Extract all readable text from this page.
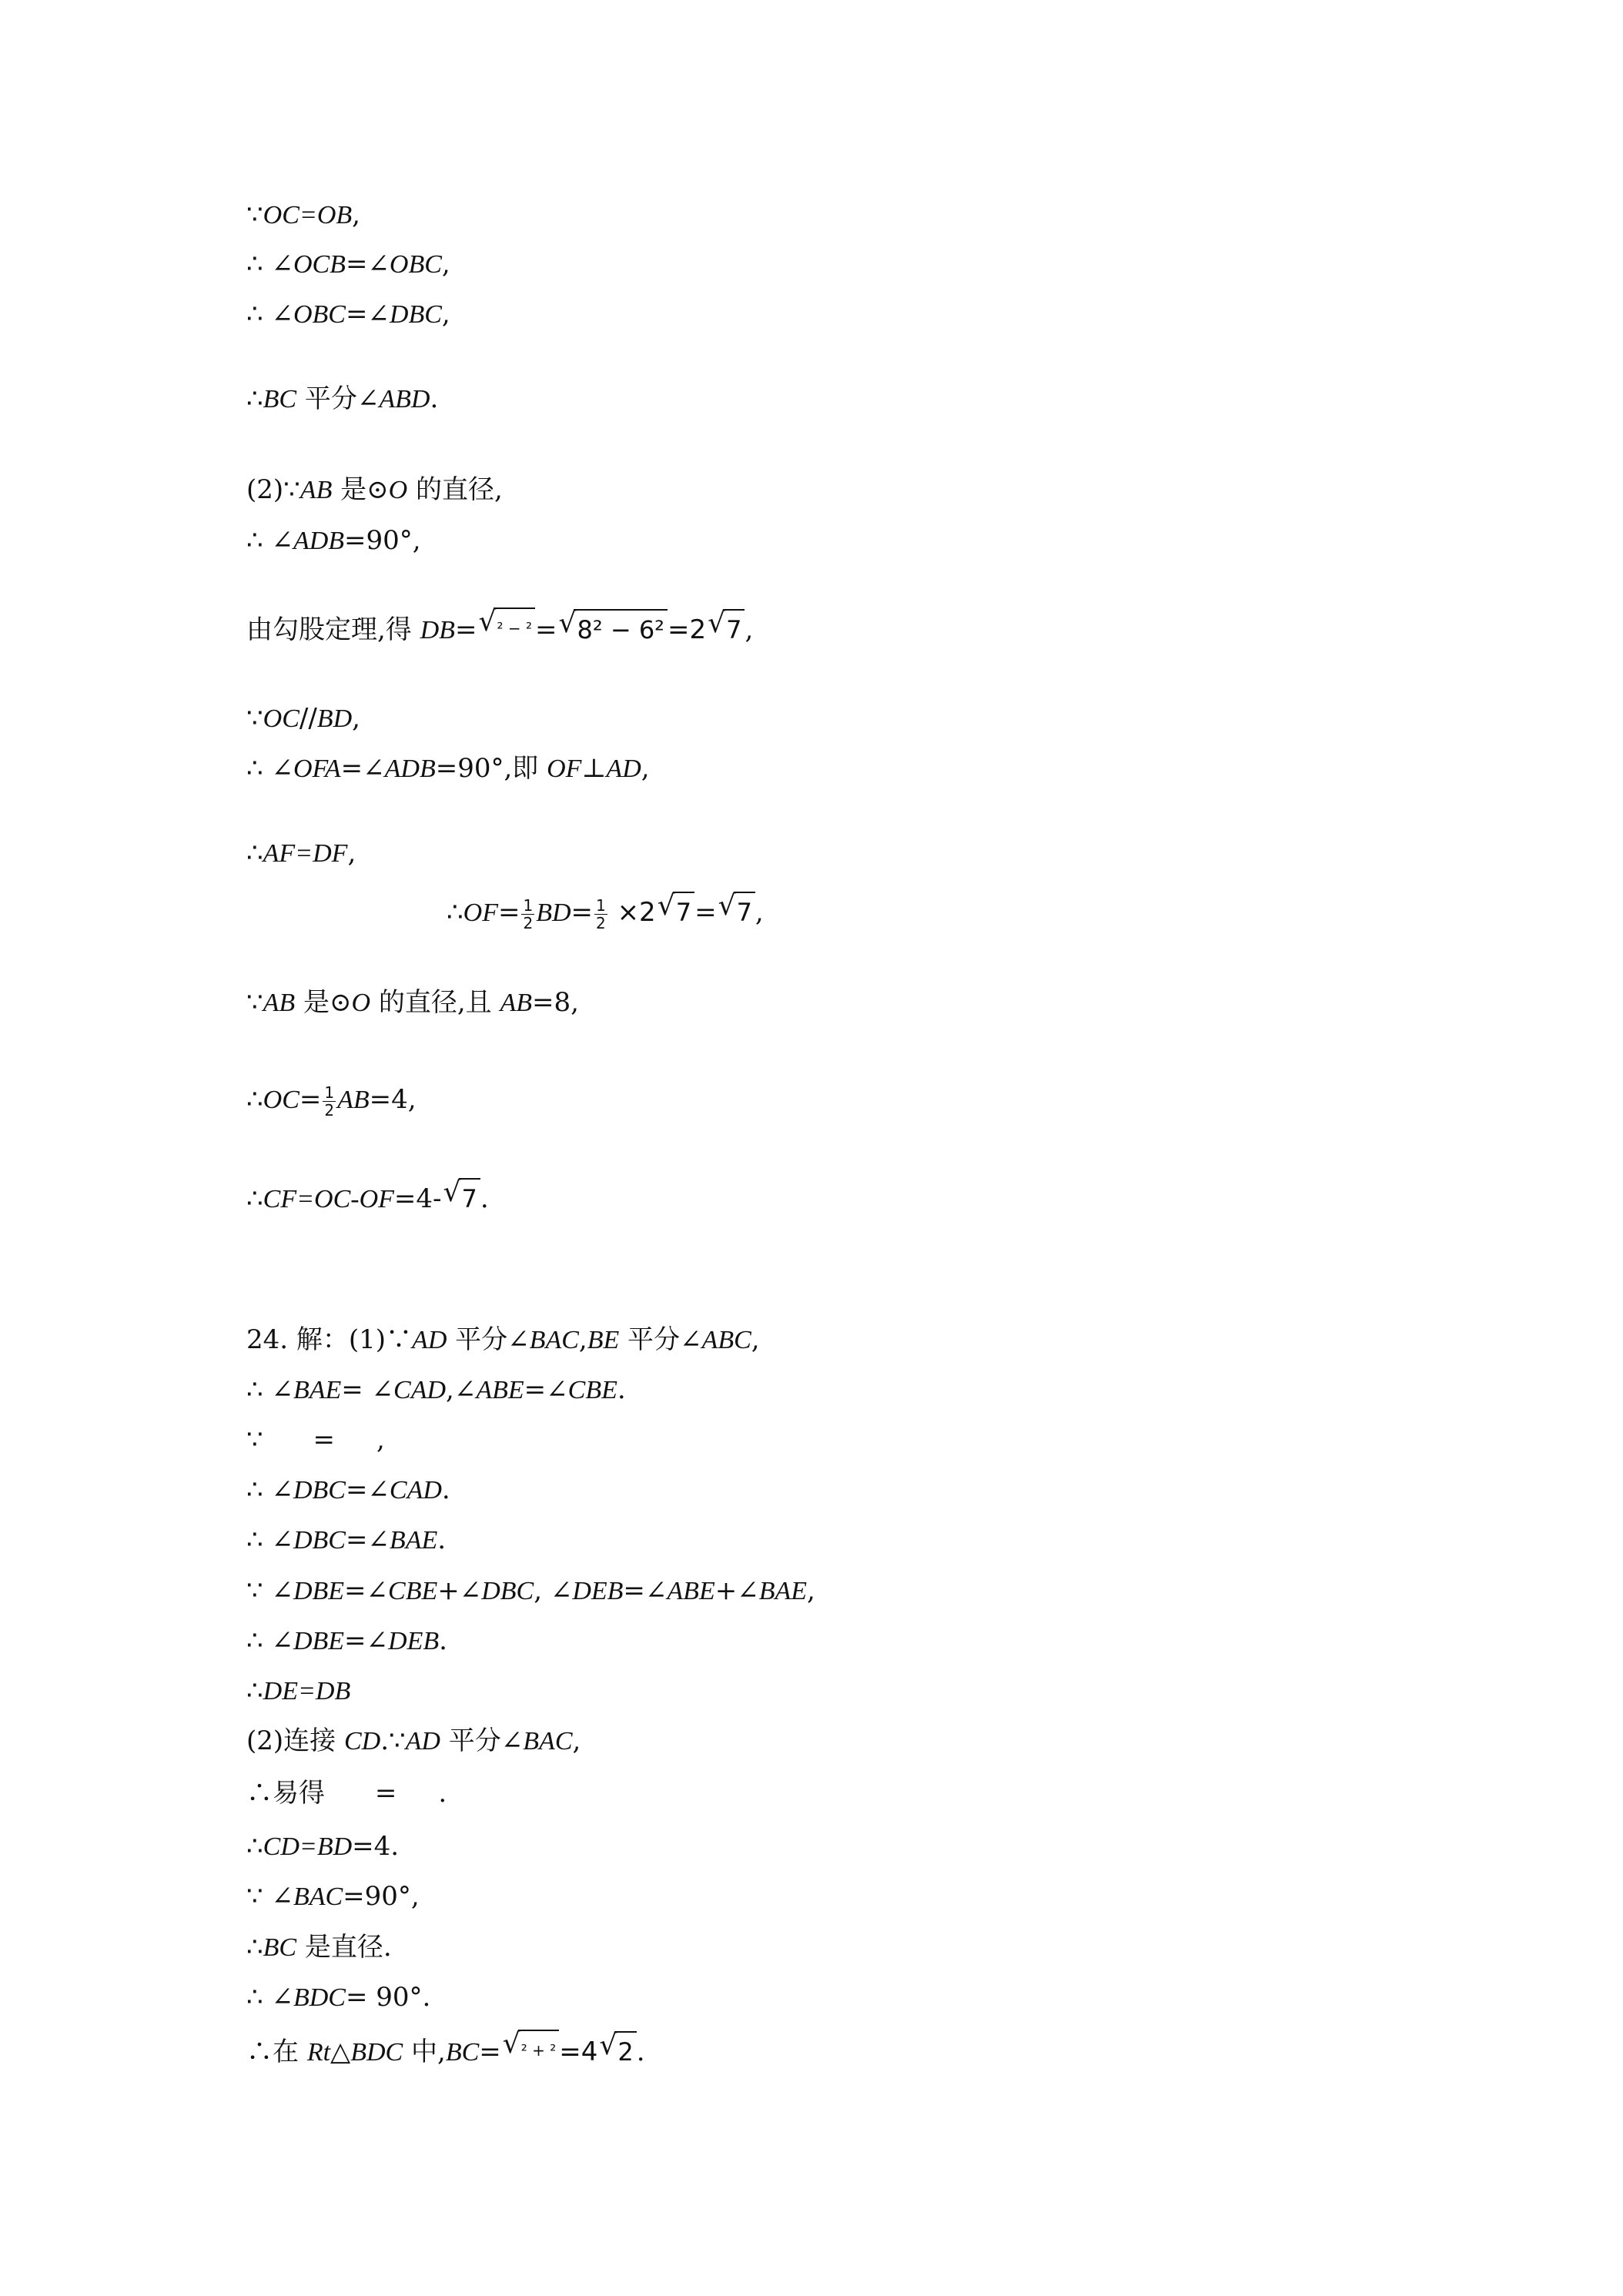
∵OC=OB,
∴ ∠OCB=∠OBC,
∴ ∠OBC=∠DBC,
∴BC 平分∠ABD.
(2)∵AB 是⊙O 的直径,
∴ ∠ADB=90°,
由勾股定理,得 DB=√ ² − ² =√ 8² − 6² =2√ 7 ,
∵OC//BD,
∴ ∠OFA=∠ADB=90°,即 OF⊥AD,
∴AF=DF,
∴OF= $\frac{1}{2} BD= \frac{1}{2} \times 2√$ 7 =√ 7 ,
∵AB 是⊙O 的直径,且 AB=8,
∴OC= $\frac{1}{2} AB=4$,
∴CF=OC-OF=4-√ 7 .
24. 解：(1)∵AD 平分∠BAC,BE 平分∠ABC,
∴ ∠BAE= ∠CAD,∠ABE=∠CBE.
∵      =     ,
∴ ∠DBC=∠CAD.
∴ ∠DBC=∠BAE.
∵ ∠DBE=∠CBE+∠DBC, ∠DEB=∠ABE+∠BAE,
∴ ∠DBE=∠DEB.
∴DE=DB
(2)连接 CD.∵AD 平分∠BAC,
∴易得      =     .
∴CD=BD=4.
∵ ∠BAC=90°,
∴BC 是直径.
∴ ∠BDC= 90°.
∴在 Rt△BDC 中,BC=√ ² + ² =4√ 2 .
